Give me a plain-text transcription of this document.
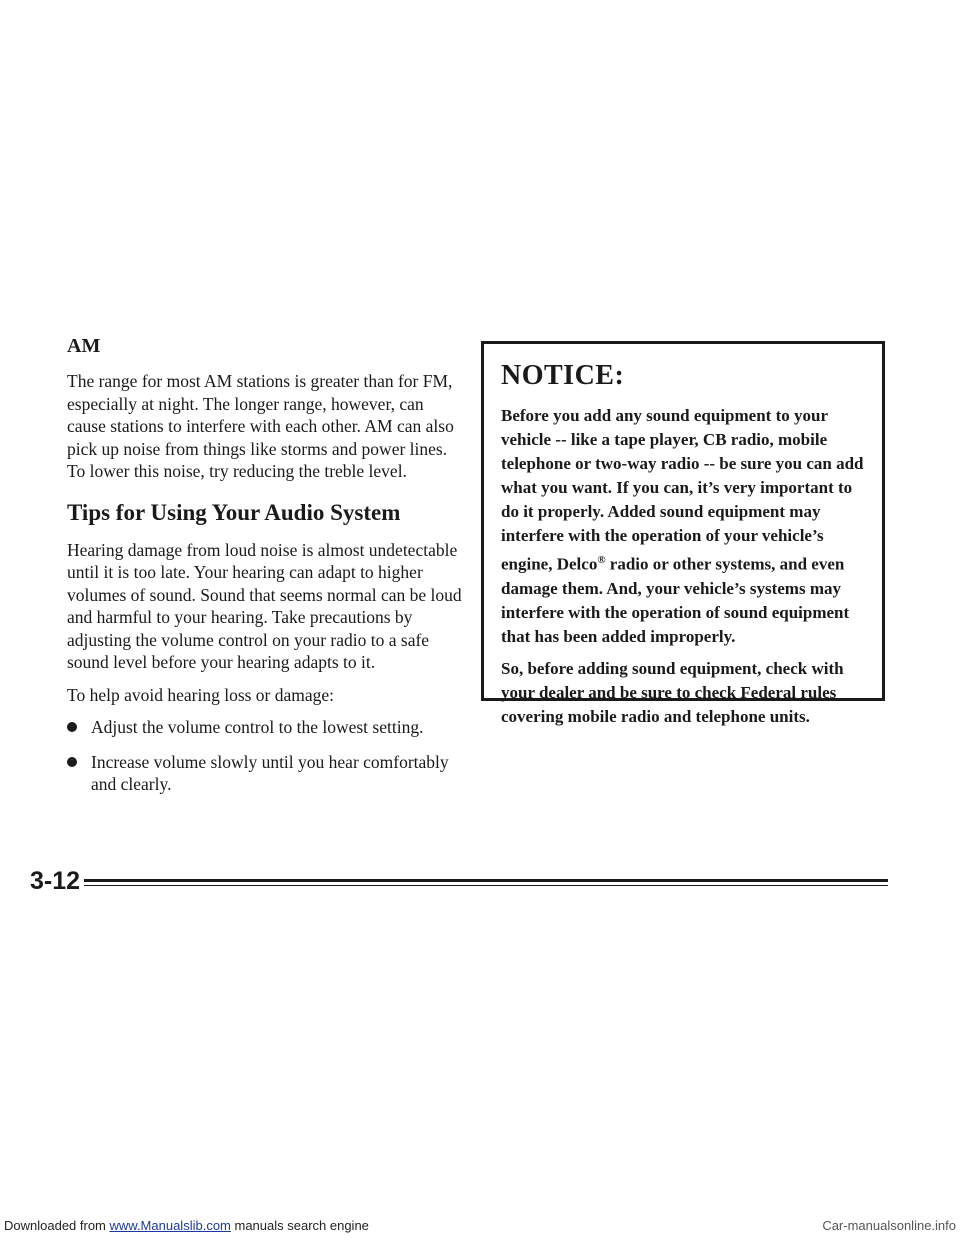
AM

The range for most AM stations is greater than for FM, especially at night. The longer range, however, can cause stations to interfere with each other. AM can also pick up noise from things like storms and power lines. To lower this noise, try reducing the treble level.

Tips for Using Your Audio System

Hearing damage from loud noise is almost undetectable until it is too late. Your hearing can adapt to higher volumes of sound. Sound that seems normal can be loud and harmful to your hearing. Take precautions by adjusting the volume control on your radio to a safe sound level before your hearing adapts to it.

To help avoid hearing loss or damage:

Adjust the volume control to the lowest setting.
Increase volume slowly until you hear comfortably and clearly.
NOTICE:

Before you add any sound equipment to your vehicle -- like a tape player, CB radio, mobile telephone or two-way radio -- be sure you can add what you want. If you can, it’s very important to do it properly. Added sound equipment may interfere with the operation of your vehicle’s engine, Delco® radio or other systems, and even damage them. And, your vehicle’s systems may interfere with the operation of sound equipment that has been added improperly.

So, before adding sound equipment, check with your dealer and be sure to check Federal rules covering mobile radio and telephone units.

3-12
Downloaded from www.Manualslib.com manuals search engine	Car-manualsonline.info
